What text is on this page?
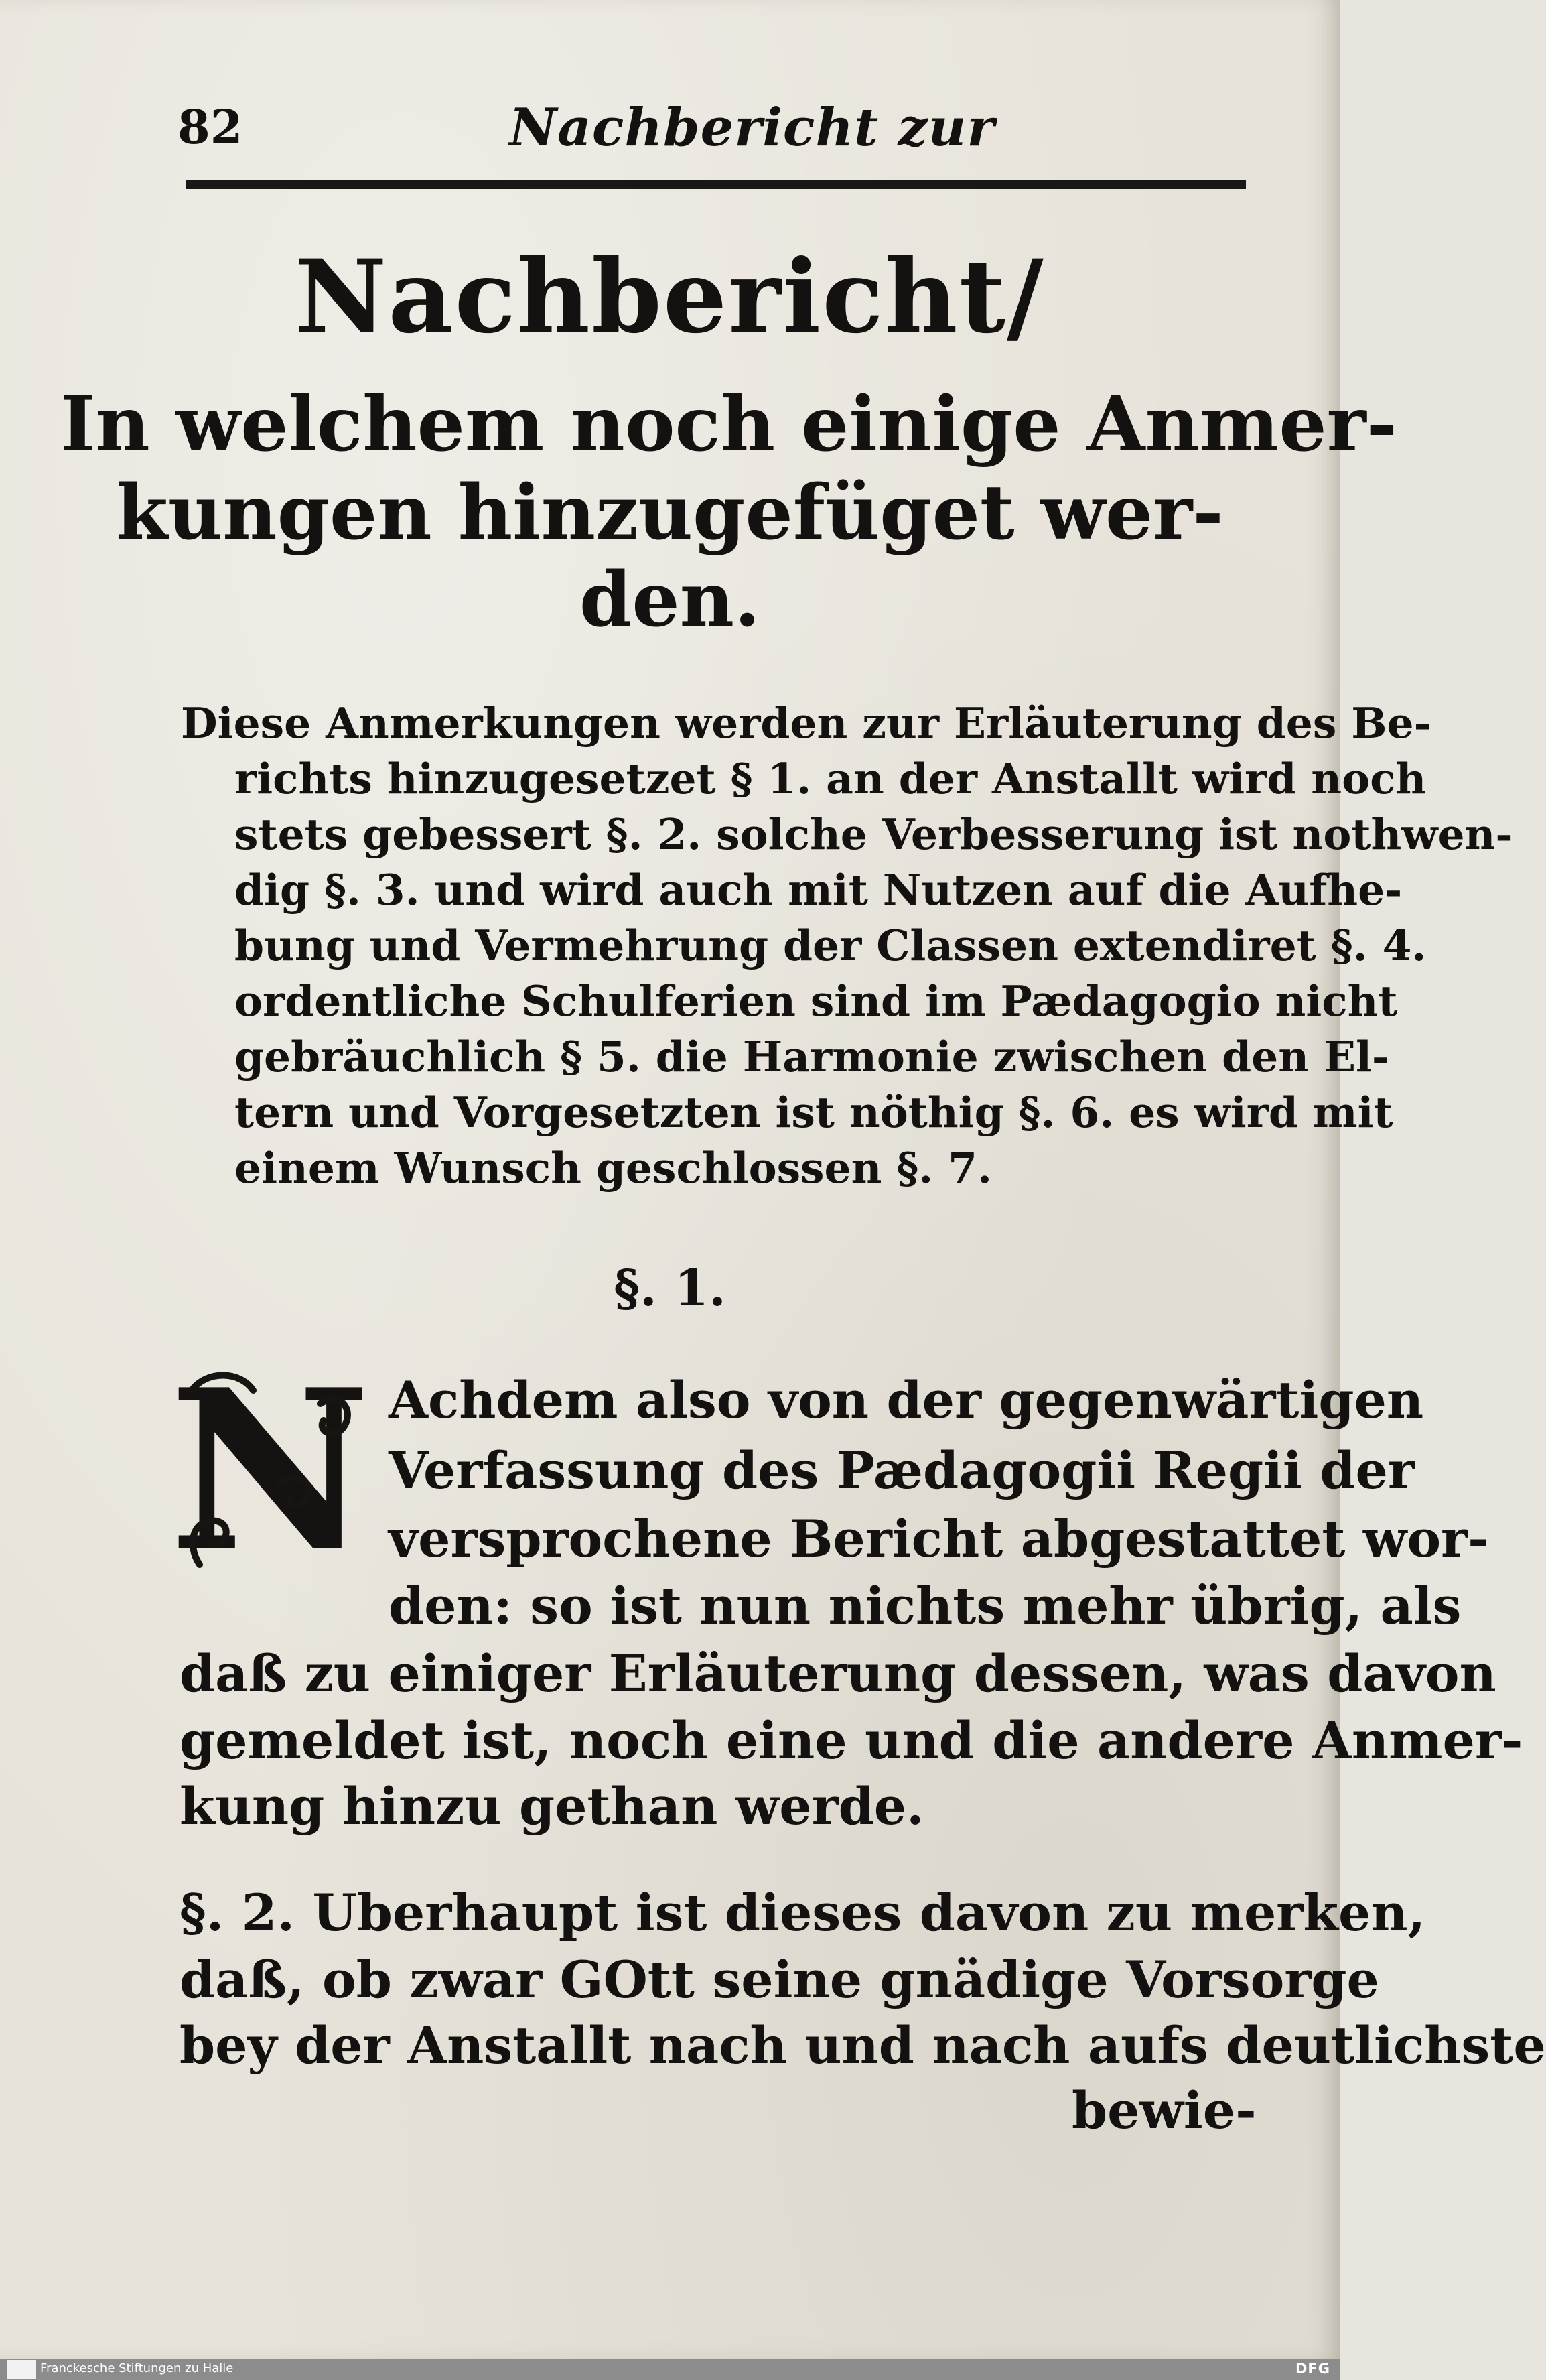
82	Nachbericht zur
Nachbericht/
In welchem noch einige Anmer-
kungen hinzugefüget wer-
den.
Diese Anmerkungen werden zur Erläuterung des Be-
richts hinzugesetzet § 1. an der Anstallt wird noch
stets gebessert §. 2. solche Verbesserung ist nothwen-
dig §. 3. und wird auch mit Nutzen auf die Aufhe-
bung und Vermehrung der Classen extendiret §. 4.
ordentliche Schulferien sind im Pædagogio nicht
gebräuchlich § 5. die Harmonie zwischen den El-
tern und Vorgesetzten ist nöthig §. 6. es wird mit
einem Wunsch geschlossen §. 7.
§. 1.
N Achdem also von der gegenwärtigen
Verfassung des Pædagogii Regii der
versprochene Bericht abgestattet wor-
den: so ist nun nichts mehr übrig, als
daß zu einiger Erläuterung dessen, was davon
gemeldet ist, noch eine und die andere Anmer-
kung hinzu gethan werde.
§. 2. Uberhaupt ist dieses davon zu merken,
daß, ob zwar GOtt seine gnädige Vorsorge
bey der Anstallt nach und nach aufs deutlichste
bewie-
Franckesche Stiftungen zu Halle	DFG
